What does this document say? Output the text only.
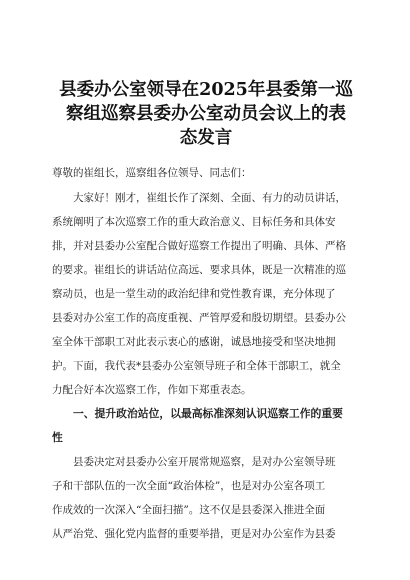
县委办公室领导在2025年县委第一巡
察组巡察县委办公室动员会议上的表
态发言

尊敬的崔组长，巡察组各位领导、同志们：

大家好！刚才，崔组长作了深刻、全面、有力的动员讲话，
系统阐明了本次巡察工作的重大政治意义、目标任务和具体安
排，并对县委办公室配合做好巡察工作提出了明确、具体、严格
的要求。崔组长的讲话站位高远、要求具体，既是一次精准的巡
察动员，也是一堂生动的政治纪律和党性教育课，充分体现了
县委对办公室工作的高度重视、严管厚爱和殷切期望。县委办公
室全体干部职工对此表示衷心的感谢，诚恳地接受和坚决地拥
护。下面，我代表*县委办公室领导班子和全体干部职工，就全
力配合好本次巡察工作，作如下郑重表态。
一、提升政治站位，以最高标准深刻认识巡察工作的重要
性
县委决定对县委办公室开展常规巡察，是对办公室领导班
子和干部队伍的一次全面“政治体检”，也是对办公室各项工
作成效的一次深入“全面扫描”。这不仅是县委深入推进全面
从严治党、强化党内监督的重要举措，更是对办公室作为县委
